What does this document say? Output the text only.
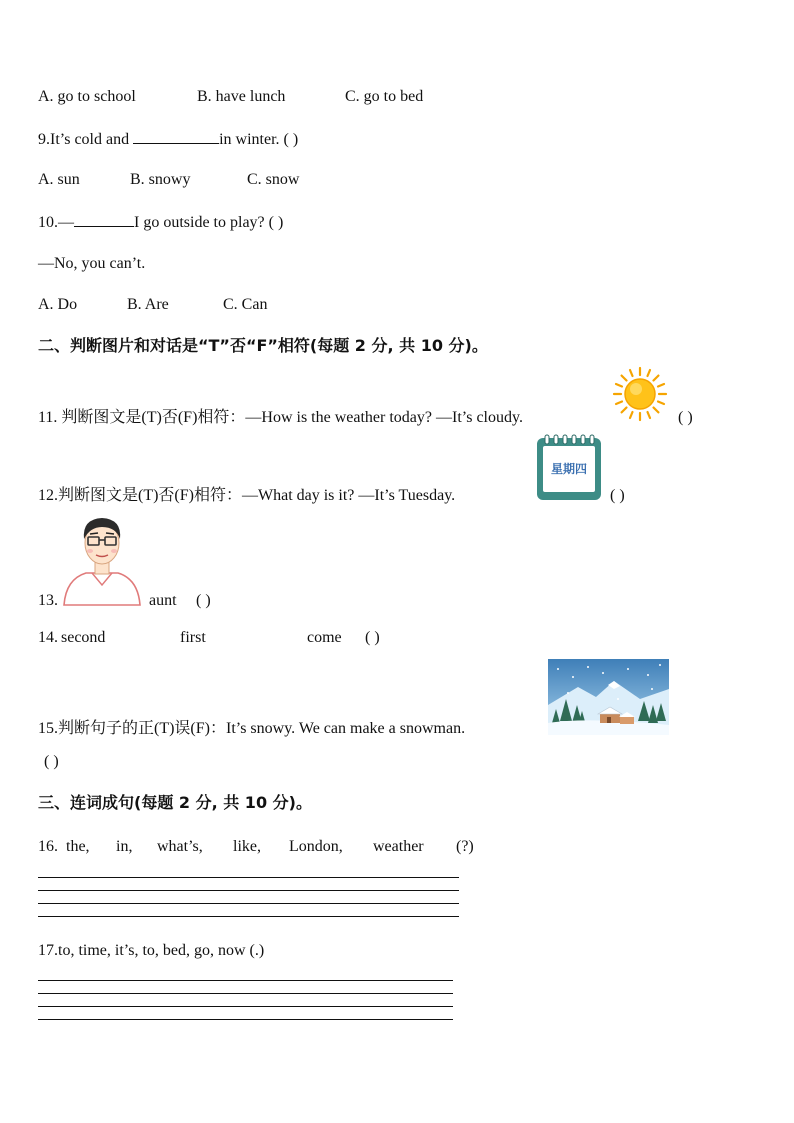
A. go to school	B. have lunch	C. go to bed
9.It’s cold and	in winter. ( )
A. sun	B. snowy	C. snow
10.—	I go outside to play? ( )
—No, you can’t.
A. Do	B. Are	C. Can
二、判断图片和对话是“T”否“F”相符(每题 2 分, 共 10 分)。
11. 判断图文是(T)否(F)相符：—How is the weather today? —It’s cloudy.	( )
12.判断图文是(T)否(F)相符：—What day is it? —It’s Tuesday.
星期四
( )
13.	aunt ( )
14. second	first	come ( )
15.判断句子的正(T)误(F)：It’s snowy. We can make a snowman.
( )
三、连词成句(每题 2 分, 共 10 分)。
16. the, in, what’s, like, London, weather (?)
17.to, time, it’s, to, bed, go, now (.)
